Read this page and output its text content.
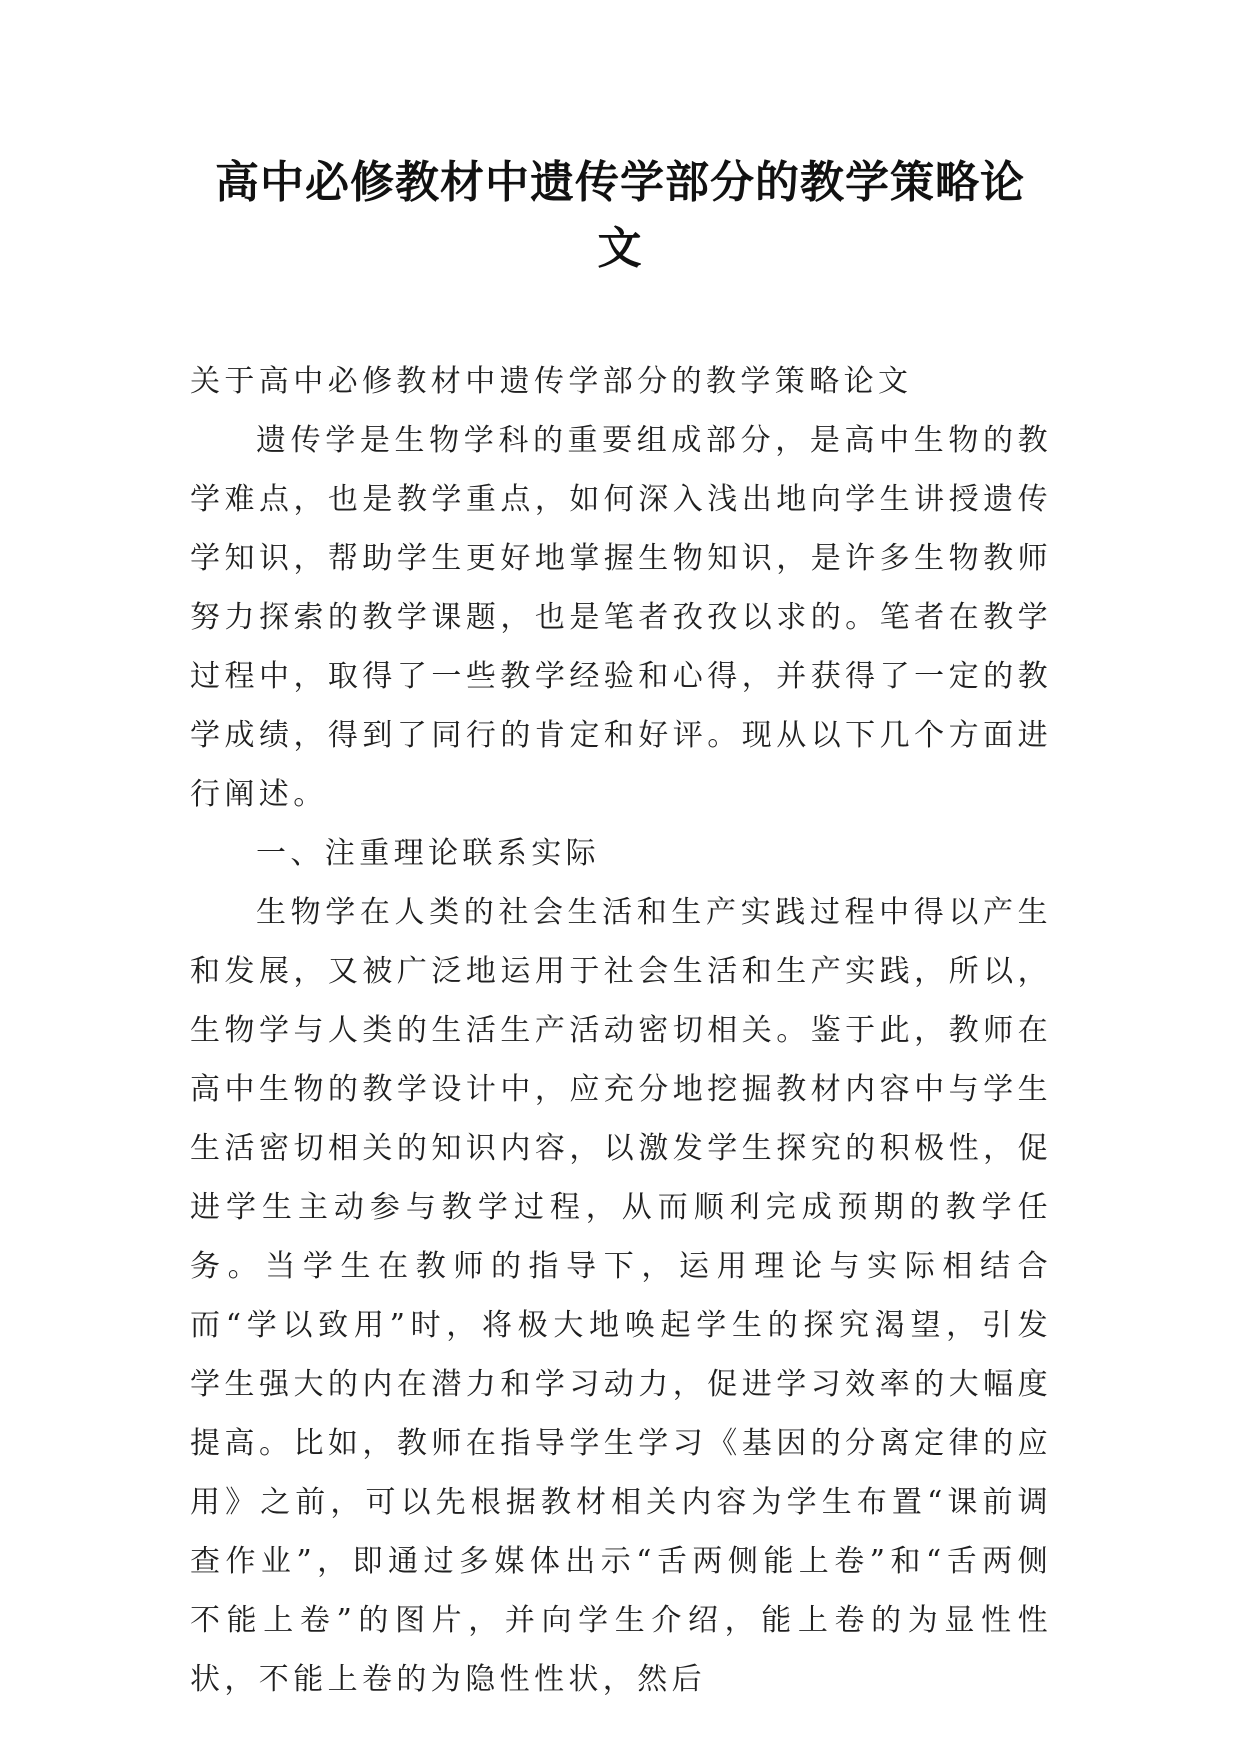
高中必修教材中遗传学部分的教学策略论
文

关于高中必修教材中遗传学部分的教学策略论文

遗传学是生物学科的重要组成部分，是高中生物的教学难点，也是教学重点，如何深入浅出地向学生讲授遗传学知识，帮助学生更好地掌握生物知识，是许多生物教师努力探索的教学课题，也是笔者孜孜以求的。笔者在教学过程中，取得了一些教学经验和心得，并获得了一定的教学成绩，得到了同行的肯定和好评。现从以下几个方面进行阐述。

一、注重理论联系实际

生物学在人类的社会生活和生产实践过程中得以产生和发展，又被广泛地运用于社会生活和生产实践，所以，生物学与人类的生活生产活动密切相关。鉴于此，教师在高中生物的教学设计中，应充分地挖掘教材内容中与学生生活密切相关的知识内容，以激发学生探究的积极性，促进学生主动参与教学过程，从而顺利完成预期的教学任务。当学生在教师的指导下，运用理论与实际相结合而“学以致用”时，将极大地唤起学生的探究渴望，引发学生强大的内在潜力和学习动力，促进学习效率的大幅度提高。比如，教师在指导学生学习《基因的分离定律的应用》之前，可以先根据教材相关内容为学生布置“课前调查作业”，即通过多媒体出示“舌两侧能上卷”和“舌两侧不能上卷”的图片，并向学生介绍，能上卷的为显性性状，不能上卷的为隐性性状，然后
